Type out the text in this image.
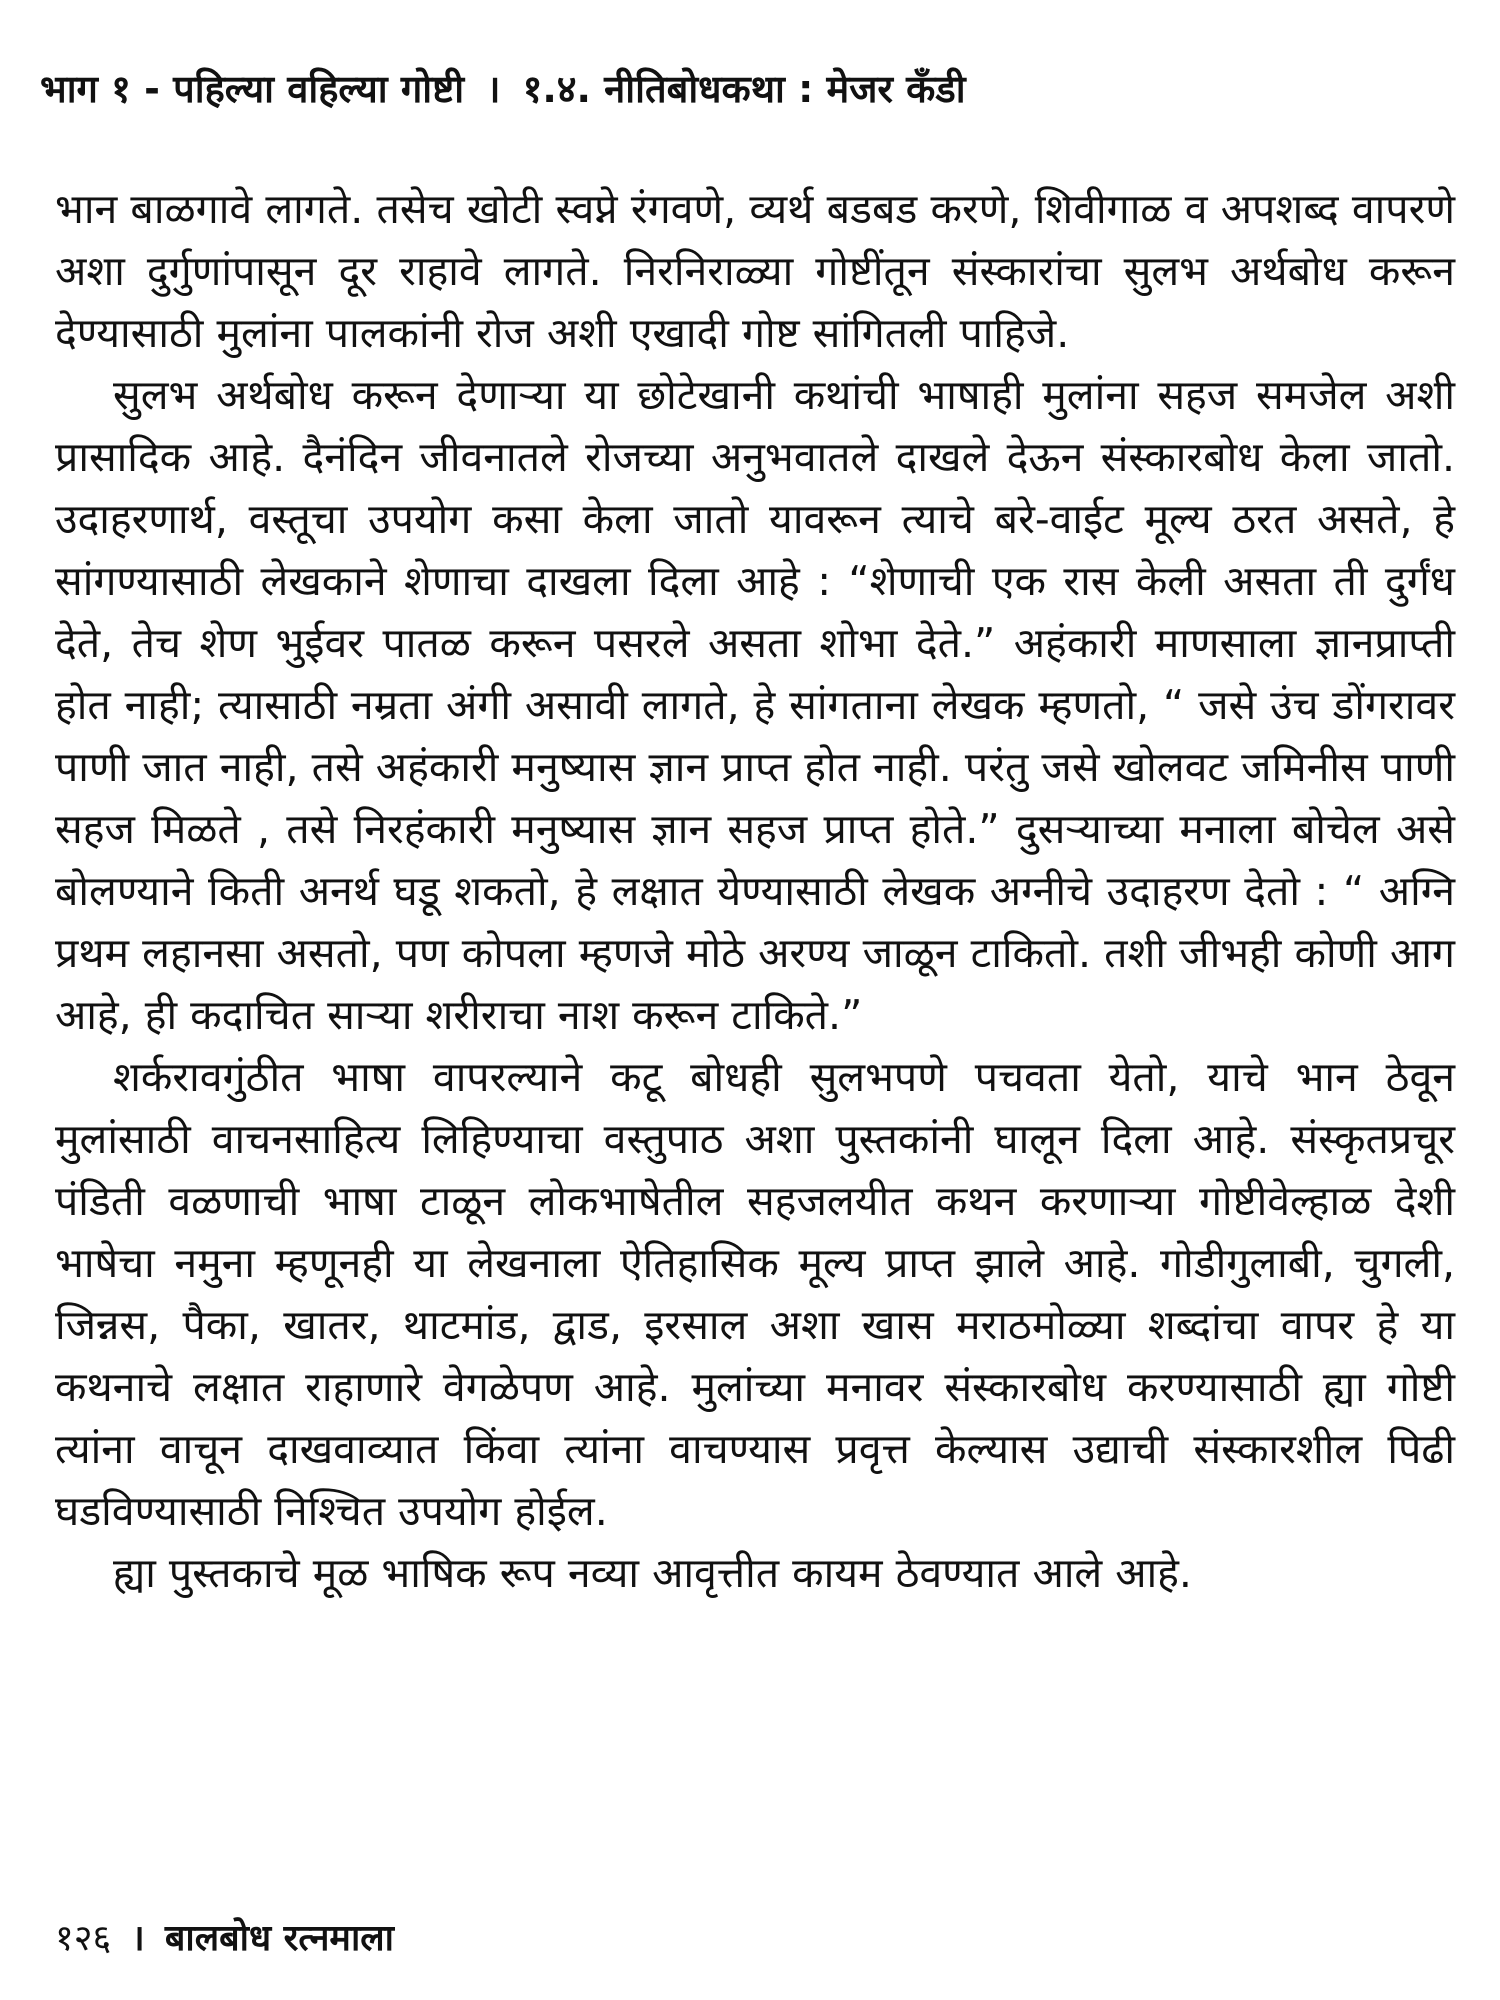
भाग १ - पहिल्या वहिल्या गोष्टी । १.४. नीतिबोधकथा : मेजर कँडी

भान बाळगावे लागते. तसेच खोटी स्वप्ने रंगवणे, व्यर्थ बडबड करणे, शिवीगाळ व अपशब्द वापरणे अशा दुर्गुणांपासून दूर राहावे लागते. निरनिराळ्या गोष्टींतून संस्कारांचा सुलभ अर्थबोध करून देण्यासाठी मुलांना पालकांनी रोज अशी एखादी गोष्ट सांगितली पाहिजे.

सुलभ अर्थबोध करून देणाऱ्या या छोटेखानी कथांची भाषाही मुलांना सहज समजेल अशी प्रासादिक आहे. दैनंदिन जीवनातले रोजच्या अनुभवातले दाखले देऊन संस्कारबोध केला जातो. उदाहरणार्थ, वस्तूचा उपयोग कसा केला जातो यावरून त्याचे बरे-वाईट मूल्य ठरत असते, हे सांगण्यासाठी लेखकाने शेणाचा दाखला दिला आहे : “शेणाची एक रास केली असता ती दुर्गंध देते, तेच शेण भुईवर पातळ करून पसरले असता शोभा देते.” अहंकारी माणसाला ज्ञानप्राप्ती होत नाही; त्यासाठी नम्रता अंगी असावी लागते, हे सांगताना लेखक म्हणतो, “ जसे उंच डोंगरावर पाणी जात नाही, तसे अहंकारी मनुष्यास ज्ञान प्राप्त होत नाही. परंतु जसे खोलवट जमिनीस पाणी सहज मिळते , तसे निरहंकारी मनुष्यास ज्ञान सहज प्राप्त होते.” दुसऱ्याच्या मनाला बोचेल असे बोलण्याने किती अनर्थ घडू शकतो, हे लक्षात येण्यासाठी लेखक अग्नीचे उदाहरण देतो : “ अग्नि प्रथम लहानसा असतो, पण कोपला म्हणजे मोठे अरण्य जाळून टाकितो. तशी जीभही कोणी आग आहे, ही कदाचित साऱ्या शरीराचा नाश करून टाकिते.”

शर्करावगुंठीत भाषा वापरल्याने कटू बोधही सुलभपणे पचवता येतो, याचे भान ठेवून मुलांसाठी वाचनसाहित्य लिहिण्याचा वस्तुपाठ अशा पुस्तकांनी घालून दिला आहे. संस्कृतप्रचूर पंडिती वळणाची भाषा टाळून लोकभाषेतील सहजलयीत कथन करणाऱ्या गोष्टीवेल्हाळ देशी भाषेचा नमुना म्हणूनही या लेखनाला ऐतिहासिक मूल्य प्राप्त झाले आहे. गोडीगुलाबी, चुगली, जिन्नस, पैका, खातर, थाटमांड, द्वाड, इरसाल अशा खास मराठमोळ्या शब्दांचा वापर हे या कथनाचे लक्षात राहाणारे वेगळेपण आहे. मुलांच्या मनावर संस्कारबोध करण्यासाठी ह्या गोष्टी त्यांना वाचून दाखवाव्यात किंवा त्यांना वाचण्यास प्रवृत्त केल्यास उद्याची संस्कारशील पिढी घडविण्यासाठी निश्चित उपयोग होईल.

ह्या पुस्तकाचे मूळ भाषिक रूप नव्या आवृत्तीत कायम ठेवण्यात आले आहे.

१२६ । बालबोध रत्नमाला
